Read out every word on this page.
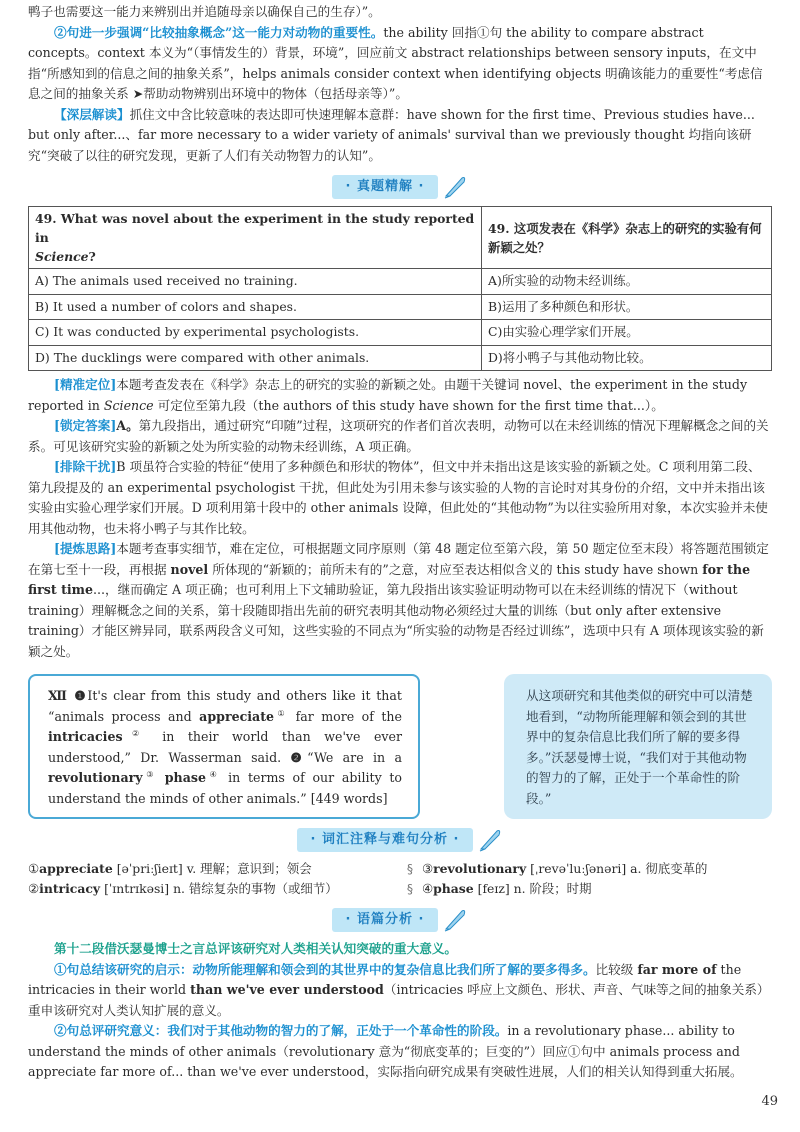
鸭子也需要这一能力来辨别出并追随母亲以确保自己的生存）”。

②句进一步强调“比较抽象概念”这一能力对动物的重要性。the ability 回指①句 the ability to compare abstract concepts。context 本义为“（事情发生的）背景，环境”，回应前文 abstract relationships between sensory inputs，在文中指“所感知到的信息之间的抽象关系”，helps animals consider context when identifying objects 明确该能力的重要性“考虑信息之间的抽象关系 ➤帮助动物辨别出环境中的物体（包括母亲等）”。

【深层解读】抓住文中含比较意味的表达即可快速理解本意群：have shown for the first time、Previous studies have... but only after...、far more necessary to a wider variety of animals' survival than we previously thought 均指向该研究“突破了以往的研究发现，更新了人们有关动物智力的认知”。

· 真题精解 ·
49. What was novel about the experiment in the study reported in
Science?	49. 这项发表在《科学》杂志上的研究的实验有何新颖之处？
A) The animals used received no training.	A)所实验的动物未经训练。
B) It used a number of colors and shapes.	B)运用了多种颜色和形状。
C) It was conducted by experimental psychologists.	C)由实验心理学家们开展。
D) The ducklings were compared with other animals.	D)将小鸭子与其他动物比较。

[精准定位]本题考查发表在《科学》杂志上的研究的实验的新颖之处。由题干关键词 novel、the experiment in the study reported in Science 可定位至第九段（the authors of this study have shown for the first time that...）。

[锁定答案]A。第九段指出，通过研究“印随”过程，这项研究的作者们首次表明，动物可以在未经训练的情况下理解概念之间的关系。可见该研究实验的新颖之处为所实验的动物未经训练，A 项正确。

[排除干扰]B 项虽符合实验的特征“使用了多种颜色和形状的物体”，但文中并未指出这是该实验的新颖之处。C 项利用第二段、第九段提及的 an experimental psychologist 干扰，但此处为引用未参与该实验的人物的言论时对其身份的介绍，文中并未指出该实验由实验心理学家们开展。D 项利用第十段中的 other animals 设障，但此处的“其他动物”为以往实验所用对象，本次实验并未使用其他动物，也未将小鸭子与其作比较。

[提炼思路]本题考查事实细节，难在定位，可根据题文同序原则（第 48 题定位至第六段，第 50 题定位至末段）将答题范围锁定在第七至十一段，再根据 novel 所体现的“新颖的；前所未有的”之意，对应至表达相似含义的 this study have shown for the first time...，继而确定 A 项正确；也可利用上下文辅助验证，第九段指出该实验证明动物可以在未经训练的情况下（without training）理解概念之间的关系，第十段随即指出先前的研究表明其他动物必须经过大量的训练（but only after extensive training）才能区辨异同，联系两段含义可知，这些实验的不同点为“所实验的动物是否经过训练”，选项中只有 A 项体现该实验的新颖之处。

Ⅻ ❶It's clear from this study and others like it that “animals process and appreciate① far more of the intricacies② in their world than we've ever understood,” Dr. Wasserman said. ❷“We are in a revolutionary③ phase④ in terms of our ability to understand the minds of other animals.” [449 words]
从这项研究和其他类似的研究中可以清楚地看到，“动物所能理解和领会到的其世界中的复杂信息比我们所了解的要多得多。”沃瑟曼博士说，“我们对于其他动物的智力的了解，正处于一个革命性的阶段。”
· 词汇注释与难句分析 ·
①appreciate [əˈpriːʃieɪt] v. 理解；意识到；领会	§ ③revolutionary [ˌrevəˈluːʃənəri] a. 彻底变革的
②intricacy [ˈɪntrɪkəsi] n. 错综复杂的事物（或细节）	§ ④phase [feɪz] n. 阶段；时期
· 语篇分析 ·

第十二段借沃瑟曼博士之言总评该研究对人类相关认知突破的重大意义。

①句总结该研究的启示：动物所能理解和领会到的其世界中的复杂信息比我们所了解的要多得多。比较级 far more of the intricacies in their world than we've ever understood（intricacies 呼应上文颜色、形状、声音、气味等之间的抽象关系）重申该研究对人类认知扩展的意义。

②句总评研究意义：我们对于其他动物的智力的了解，正处于一个革命性的阶段。in a revolutionary phase... ability to understand the minds of other animals（revolutionary 意为“彻底变革的；巨变的”）回应①句中 animals process and appreciate far more of... than we've ever understood，实际指向研究成果有突破性进展，人们的相关认知得到重大拓展。

49
